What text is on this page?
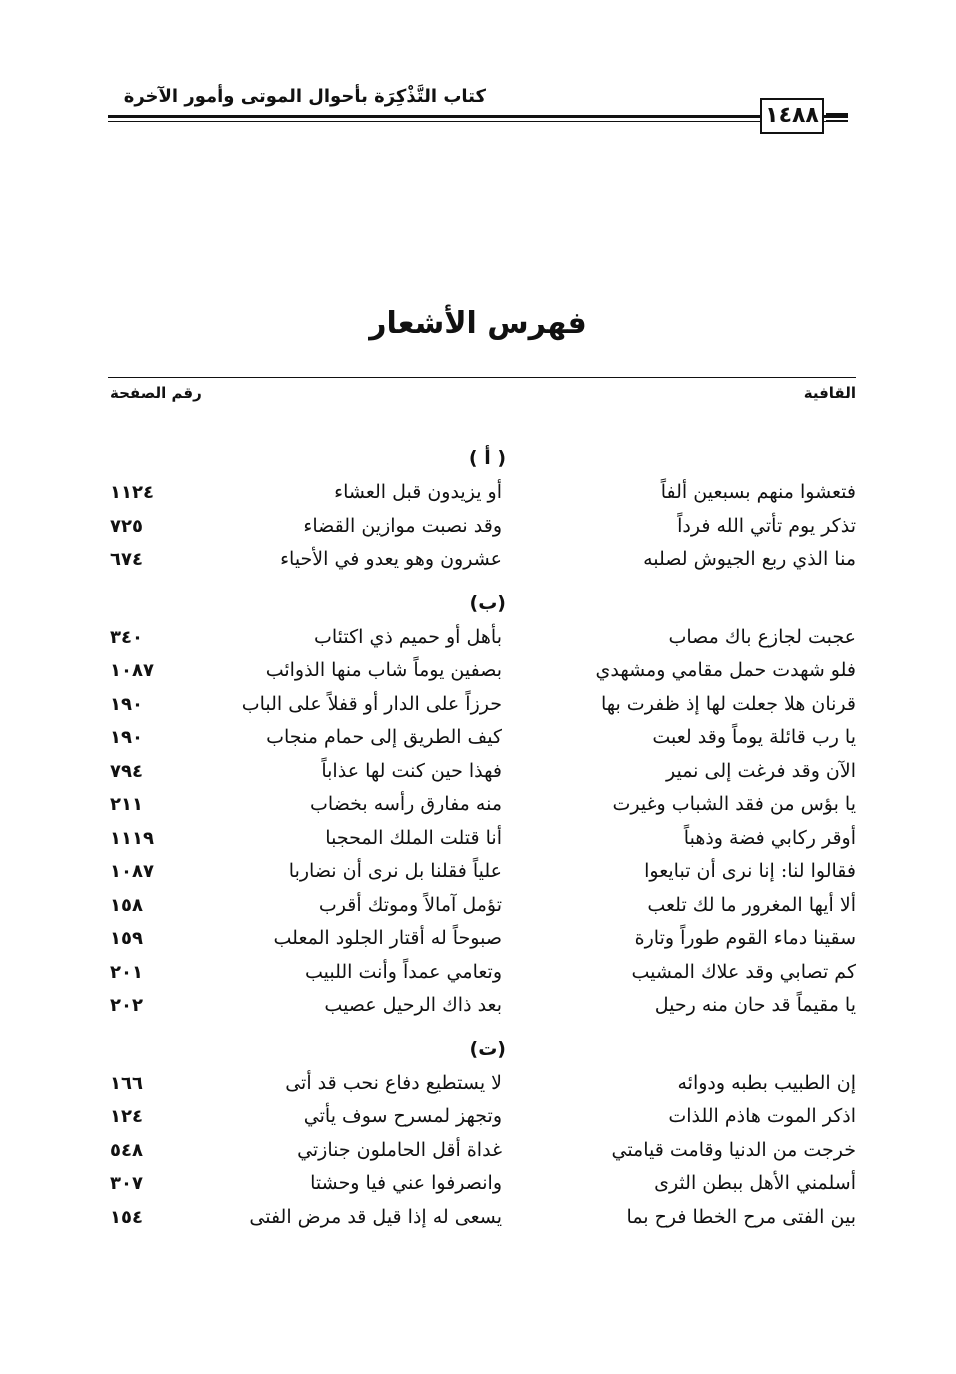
كتاب التَّذْكِرَة بأحوال الموتى وأمور الآخرة
١٤٨٨
فهرس الأشعار
القافية
رقم الصفحة
( أ )
فتعشوا منهم بسبعين ألفاً
أو يزيدون قبل العشاء
١١٢٤
تذكر يوم تأتي الله فرداً
وقد نصبت موازين القضاء
٧٢٥
منا الذي ربع الجيوش لصلبه
عشرون وهو يعدو في الأحياء
٦٧٤
(ب)
عجبت لجازع باك مصاب
بأهل أو حميم ذي اكتئاب
٣٤٠
فلو شهدت حمل مقامي ومشهدي
بصفين يوماً شاب منها الذوائب
١٠٨٧
قرنان هلا جعلت لها إذ ظفرت بها
حرزاً على الدار أو قفلاً على الباب
١٩٠
يا رب قائلة يوماً وقد لعبت
كيف الطريق إلى حمام منجاب
١٩٠
الآن وقد فرغت إلى نمير
فهذا حين كنت لها عذاباً
٧٩٤
يا بؤس من فقد الشباب وغيرت
منه مفارق رأسه بخضاب
٢١١
أوقر ركابي فضة وذهباً
أنا قتلت الملك المحجبا
١١١٩
فقالوا لنا: إنا نرى أن تبايعوا
علياً فقلنا بل نرى أن نضاربا
١٠٨٧
ألا أيها المغرور ما لك تلعب
تؤمل آمالاً وموتك أقرب
١٥٨
سقينا دماء القوم طوراً وتارة
صبوحاً له أقتار الجلود المعلب
١٥٩
كم تصابي وقد علاك المشيب
وتعامي عمداً وأنت اللبيب
٢٠١
يا مقيماً قد حان منه رحيل
بعد ذاك الرحيل عصيب
٢٠٢
(ت)
إن الطبيب بطبه ودوائه
لا يستطيع دفاع نحب قد أتى
١٦٦
اذكر الموت هاذم اللذات
وتجهز لمسرح سوف يأتي
١٢٤
خرجت من الدنيا وقامت قيامتي
غداة أقل الحاملون جنازتي
٥٤٨
أسلمني الأهل ببطن الثرى
وانصرفوا عني فيا وحشتا
٣٠٧
بين الفتى مرح الخطا فرح بما
يسعى له إذا قيل قد مرض الفتى
١٥٤
